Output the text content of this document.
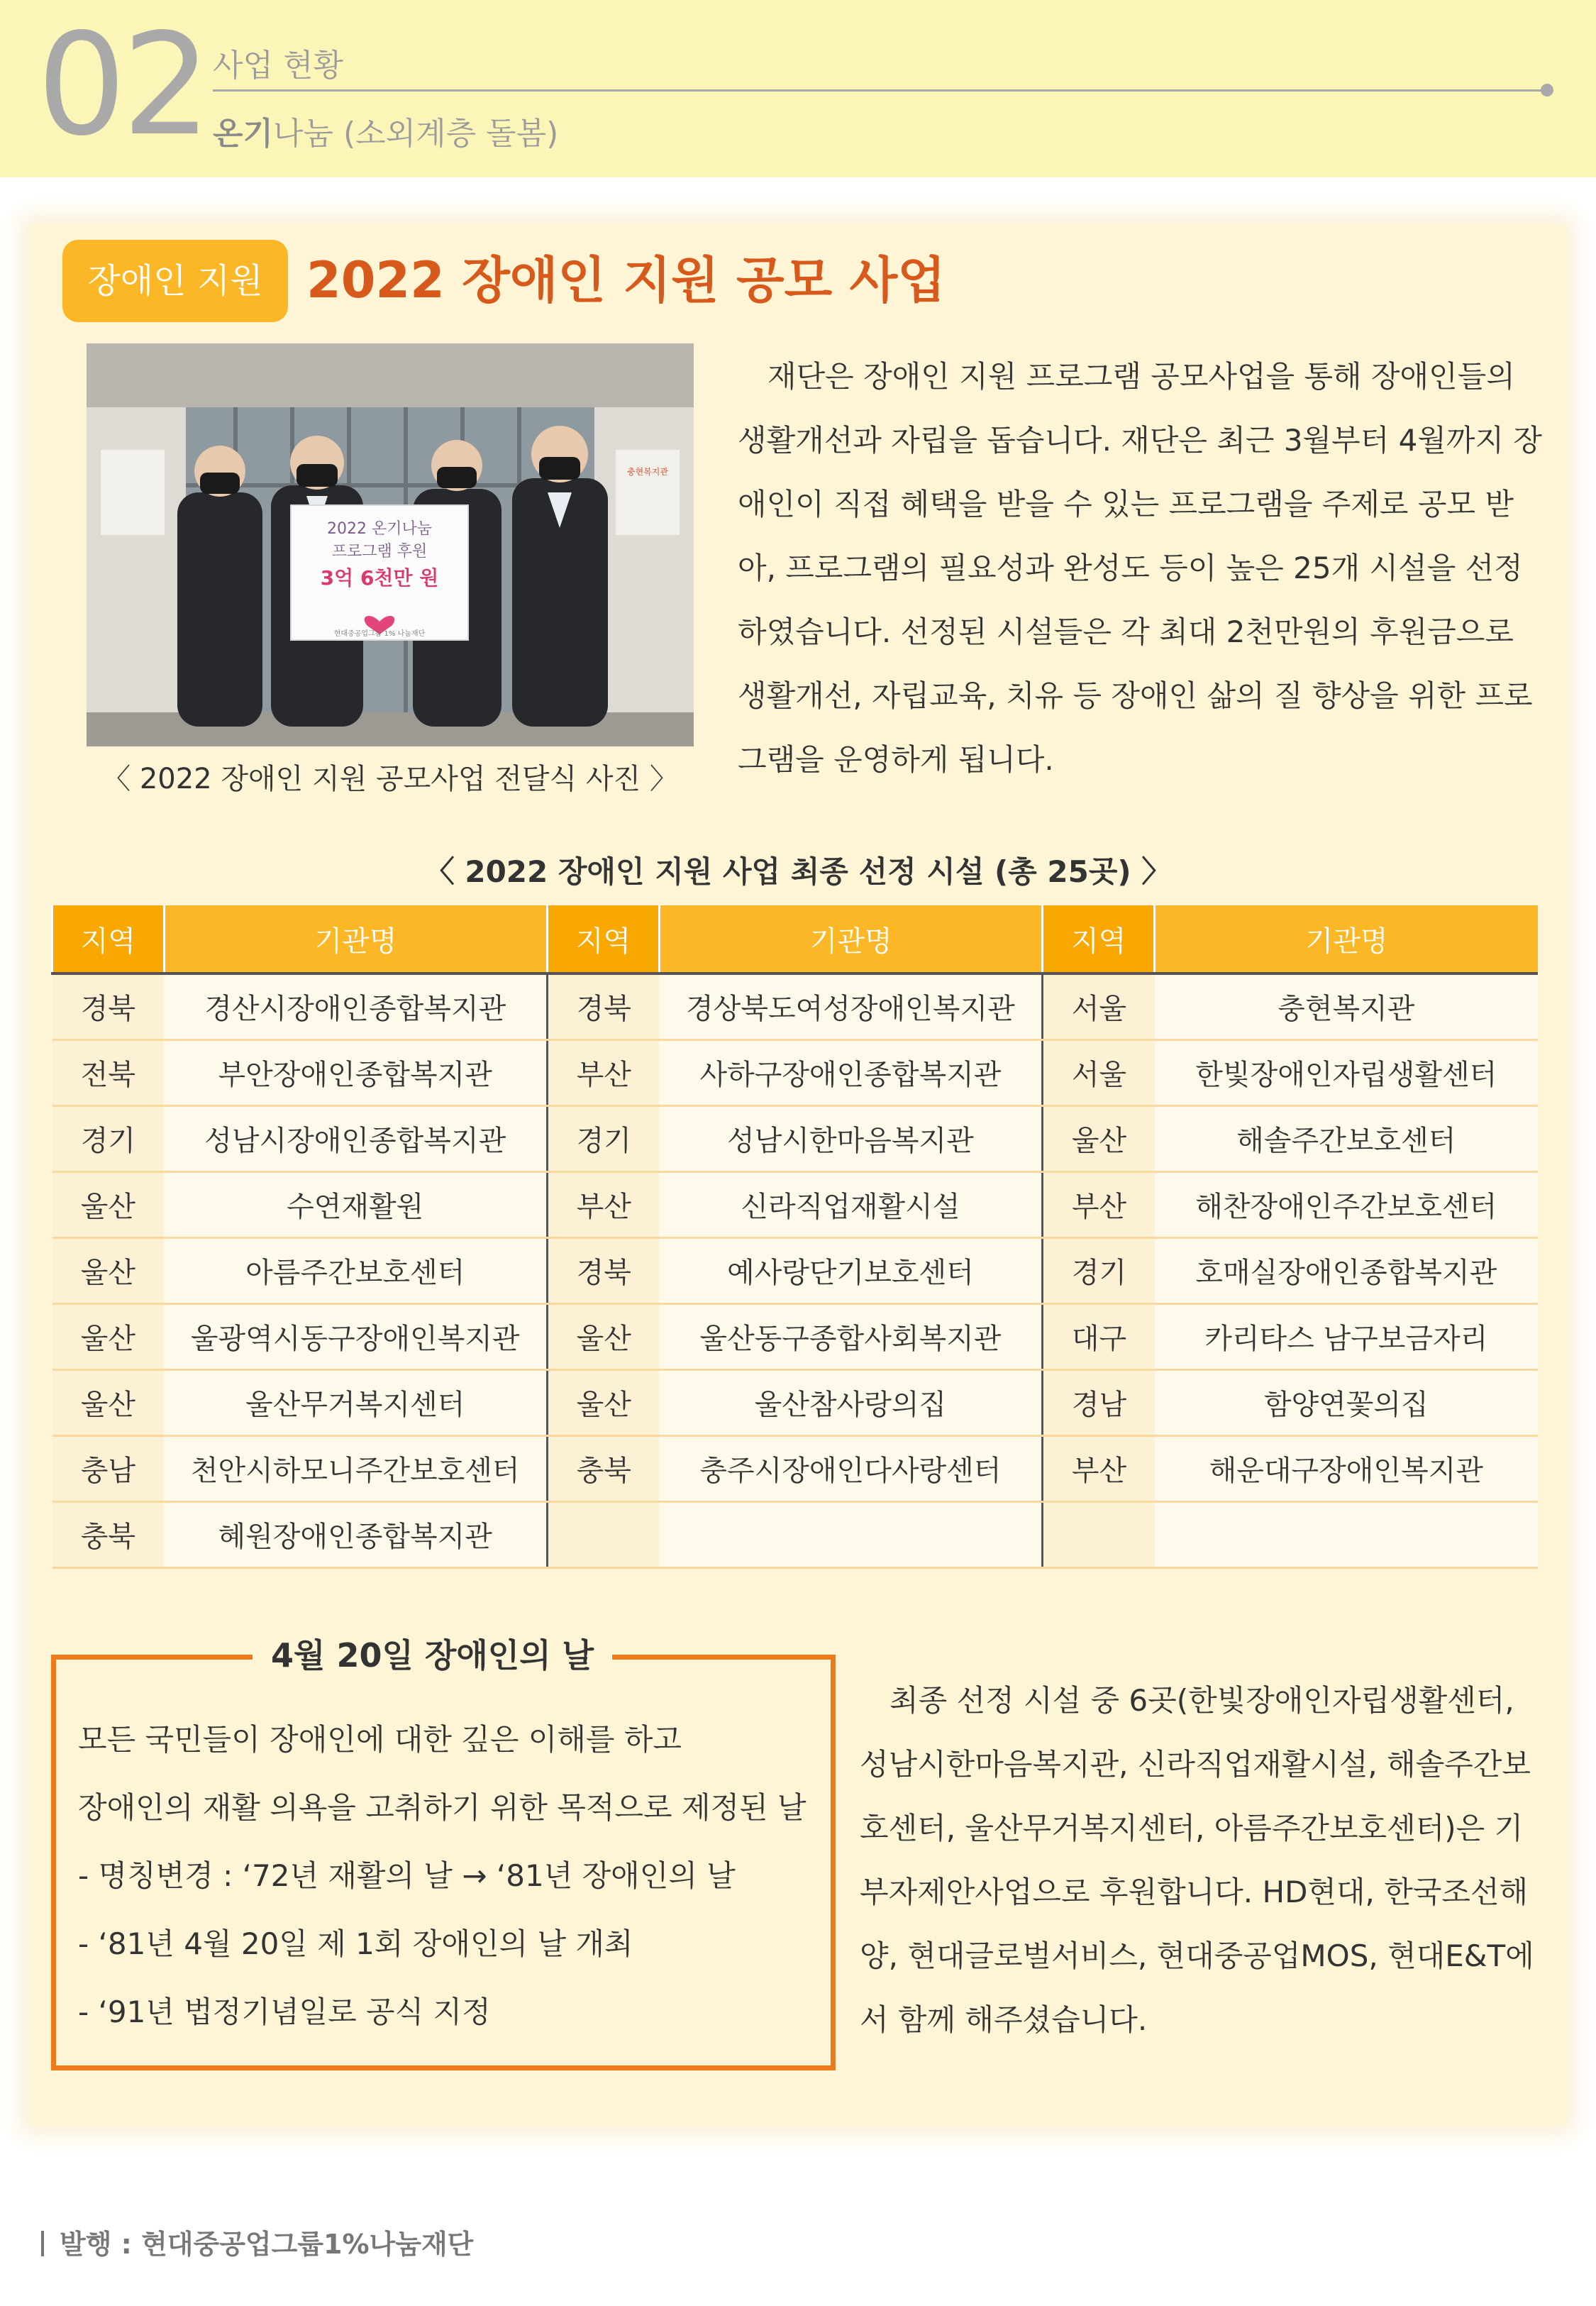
02 사업 현황
온기나눔 (소외계층 돌봄)
장애인 지원 2022 장애인 지원 공모 사업
충현복지관
2022 온기나눔
프로그램 후원
3억 6천만 원
현대중공업그룹 1% 나눔재단
〈 2022 장애인 지원 공모사업 전달식 사진 〉

재단은 장애인 지원 프로그램 공모사업을 통해 장애인들의 생활개선과 자립을 돕습니다. 재단은 최근 3월부터 4월까지 장애인이 직접 혜택을 받을 수 있는 프로그램을 주제로 공모 받아, 프로그램의 필요성과 완성도 등이 높은 25개 시설을 선정하였습니다. 선정된 시설들은 각 최대 2천만원의 후원금으로 생활개선, 자립교육, 치유 등 장애인 삶의 질 향상을 위한 프로그램을 운영하게 됩니다.

〈 2022 장애인 지원 사업 최종 선정 시설 (총 25곳) 〉
지역	기관명	지역	기관명	지역	기관명
경북	경산시장애인종합복지관	경북	경상북도여성장애인복지관	서울	충현복지관
전북	부안장애인종합복지관	부산	사하구장애인종합복지관	서울	한빛장애인자립생활센터
경기	성남시장애인종합복지관	경기	성남시한마음복지관	울산	해솔주간보호센터
울산	수연재활원	부산	신라직업재활시설	부산	해찬장애인주간보호센터
울산	아름주간보호센터	경북	예사랑단기보호센터	경기	호매실장애인종합복지관
울산	울광역시동구장애인복지관	울산	울산동구종합사회복지관	대구	카리타스 남구보금자리
울산	울산무거복지센터	울산	울산참사랑의집	경남	함양연꽃의집
충남	천안시하모니주간보호센터	충북	충주시장애인다사랑센터	부산	해운대구장애인복지관
충북	혜원장애인종합복지관				
4월 20일 장애인의 날
모든 국민들이 장애인에 대한 깊은 이해를 하고
장애인의 재활 의욕을 고취하기 위한 목적으로 제정된 날
- 명칭변경 : ‘72년 재활의 날 → ‘81년 장애인의 날
- ‘81년 4월 20일 제 1회 장애인의 날 개최
- ‘91년 법정기념일로 공식 지정

최종 선정 시설 중 6곳(한빛장애인자립생활센터, 성남시한마음복지관, 신라직업재활시설, 해솔주간보호센터, 울산무거복지센터, 아름주간보호센터)은 기부자제안사업으로 후원합니다. HD현대, 한국조선해양, 현대글로벌서비스, 현대중공업MOS, 현대E&T에서 함께 해주셨습니다.

발행 : 현대중공업그룹1%나눔재단
